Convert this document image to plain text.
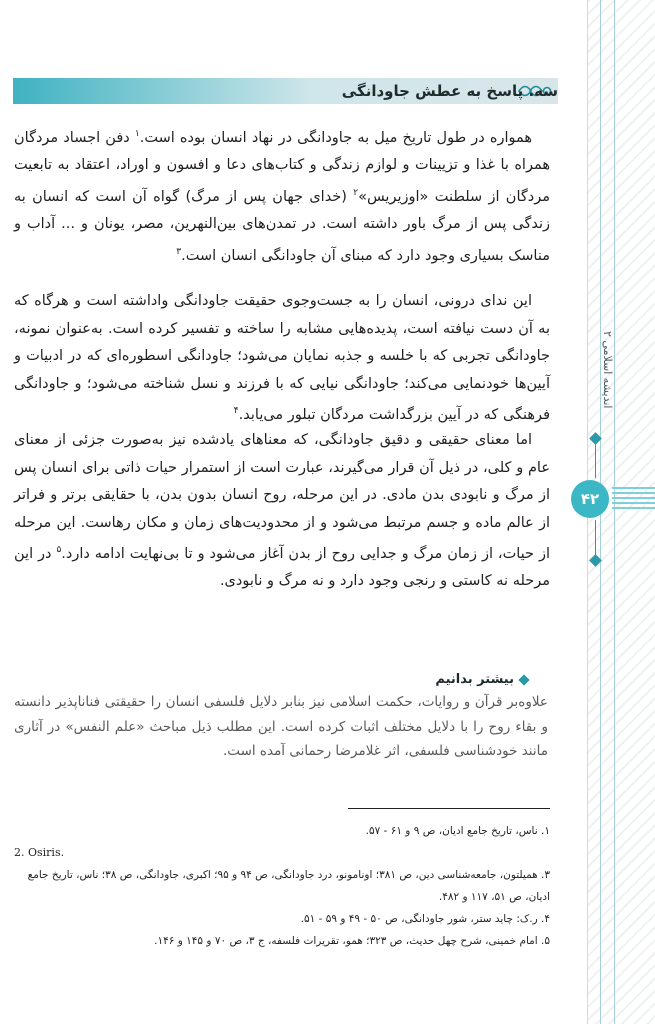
اندیشه اسلامی ۲
۴۲
سه. پاسخ به عطش جاودانگی

همواره در طول تاریخ میل به جاودانگی در نهاد انسان بوده است.$^۱$ دفن اجساد مردگان همراه با غذا و تزیینات و لوازم زندگی و کتاب‌های دعا و افسون و اوراد، اعتقاد به تابعیت مردگان از سلطنت «اوزیریس»$^۲$ (خدای جهان پس از مرگ) گواه آن است که انسان به زندگی پس از مرگ باور داشته است. در تمدن‌های بین‌النهرین، مصر، یونان و ... آداب و مناسک بسیاری وجود دارد که مبنای آن جاودانگی انسان است.$^۳$

این ندای درونی، انسان را به جست‌وجوی حقیقت جاودانگی واداشته است و هرگاه که به آن دست نیافته است، پدیده‌هایی مشابه را ساخته و تفسیر کرده است. به‌عنوان نمونه، جاودانگی تجربی که با خلسه و جذبه نمایان می‌شود؛ جاودانگی اسطوره‌ای که در ادبیات و آیین‌ها خودنمایی می‌کند؛ جاودانگی نیایی که با فرزند و نسل شناخته می‌شود؛ و جاودانگی فرهنگی که در آیین بزرگداشت مردگان تبلور می‌یابد.$^۴$

اما معنای حقیقی و دقیق جاودانگی، که معناهای یادشده نیز به‌صورت جزئی از معنای عام و کلی، در ذیل آن قرار می‌گیرند، عبارت است از استمرار حیات ذاتی برای انسان پس از مرگ و نابودی بدن مادی. در این مرحله، روح انسان بدون بدن، با حقایقی برتر و فراتر از عالم ماده و جسم مرتبط می‌شود و از محدودیت‌های زمان و مکان رهاست. این مرحله از حیات، از زمان مرگ و جدایی روح از بدن آغاز می‌شود و تا بی‌نهایت ادامه دارد.$^۵$ در این مرحله نه کاستی و رنجی وجود دارد و نه مرگ و نابودی.

بیشتر بدانیم
علاوه‌بر قرآن و روایات، حکمت اسلامی نیز بنابر دلایل فلسفی انسان را حقیقتی فناناپذیر دانسته و بقاء روح را با دلایل مختلف اثبات کرده است. این مطلب ذیل مباحث «علم النفس» در آثاری مانند خودشناسی فلسفی، اثر غلامرضا رحمانی آمده است.

۱. ناس، تاریخ جامع ادیان، ص ۹ و ۶۱ - ۵۷.

2. Osiris.

۳. همیلتون، جامعه‌شناسی دین، ص ۳۸۱؛ اونامونو، درد جاودانگی، ص ۹۴ و ۹۵؛ اکبری، جاودانگی، ص ۳۸؛ ناس، تاریخ جامع ادیان، ص ۵۱، ۱۱۷ و ۴۸۲.

۴. ر.ک: چاید ستر، شور جاودانگی، ص ۵۰ - ۴۹ و ۵۹ - ۵۱.

۵. امام خمینی، شرح چهل حدیث، ص ۳۲۳؛ همو، تقریرات فلسفه، ج ۳، ص ۷۰ و ۱۴۵ و ۱۴۶.
